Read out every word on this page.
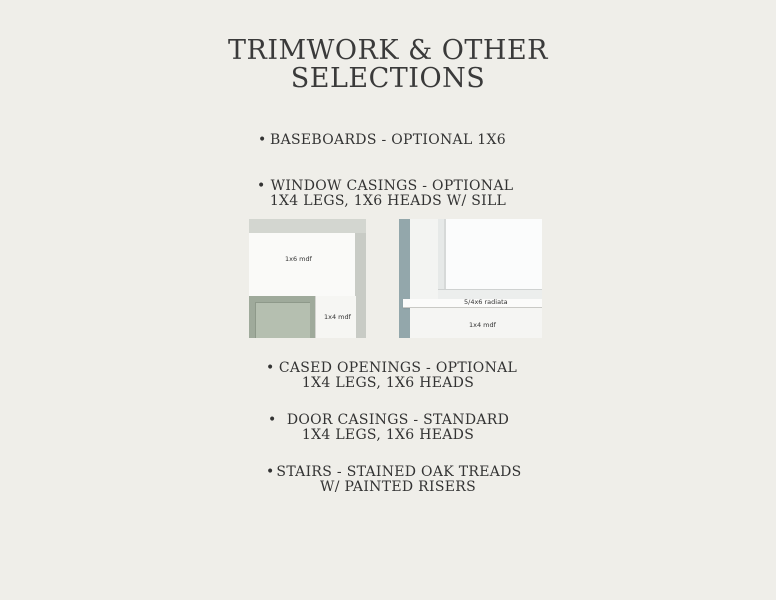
TRIMWORK & OTHER
SELECTIONS
• BASEBOARDS - OPTIONAL 1X6
• WINDOW CASINGS - OPTIONAL
1X4 LEGS, 1X6 HEADS W/ SILL
1x6 mdf
1x4 mdf
5/4x6 radiata
1x4 mdf
• CASED OPENINGS - OPTIONAL
1X4 LEGS, 1X6 HEADS
• DOOR CASINGS - STANDARD
1X4 LEGS, 1X6 HEADS
• STAIRS - STAINED OAK TREADS
W/ PAINTED RISERS
